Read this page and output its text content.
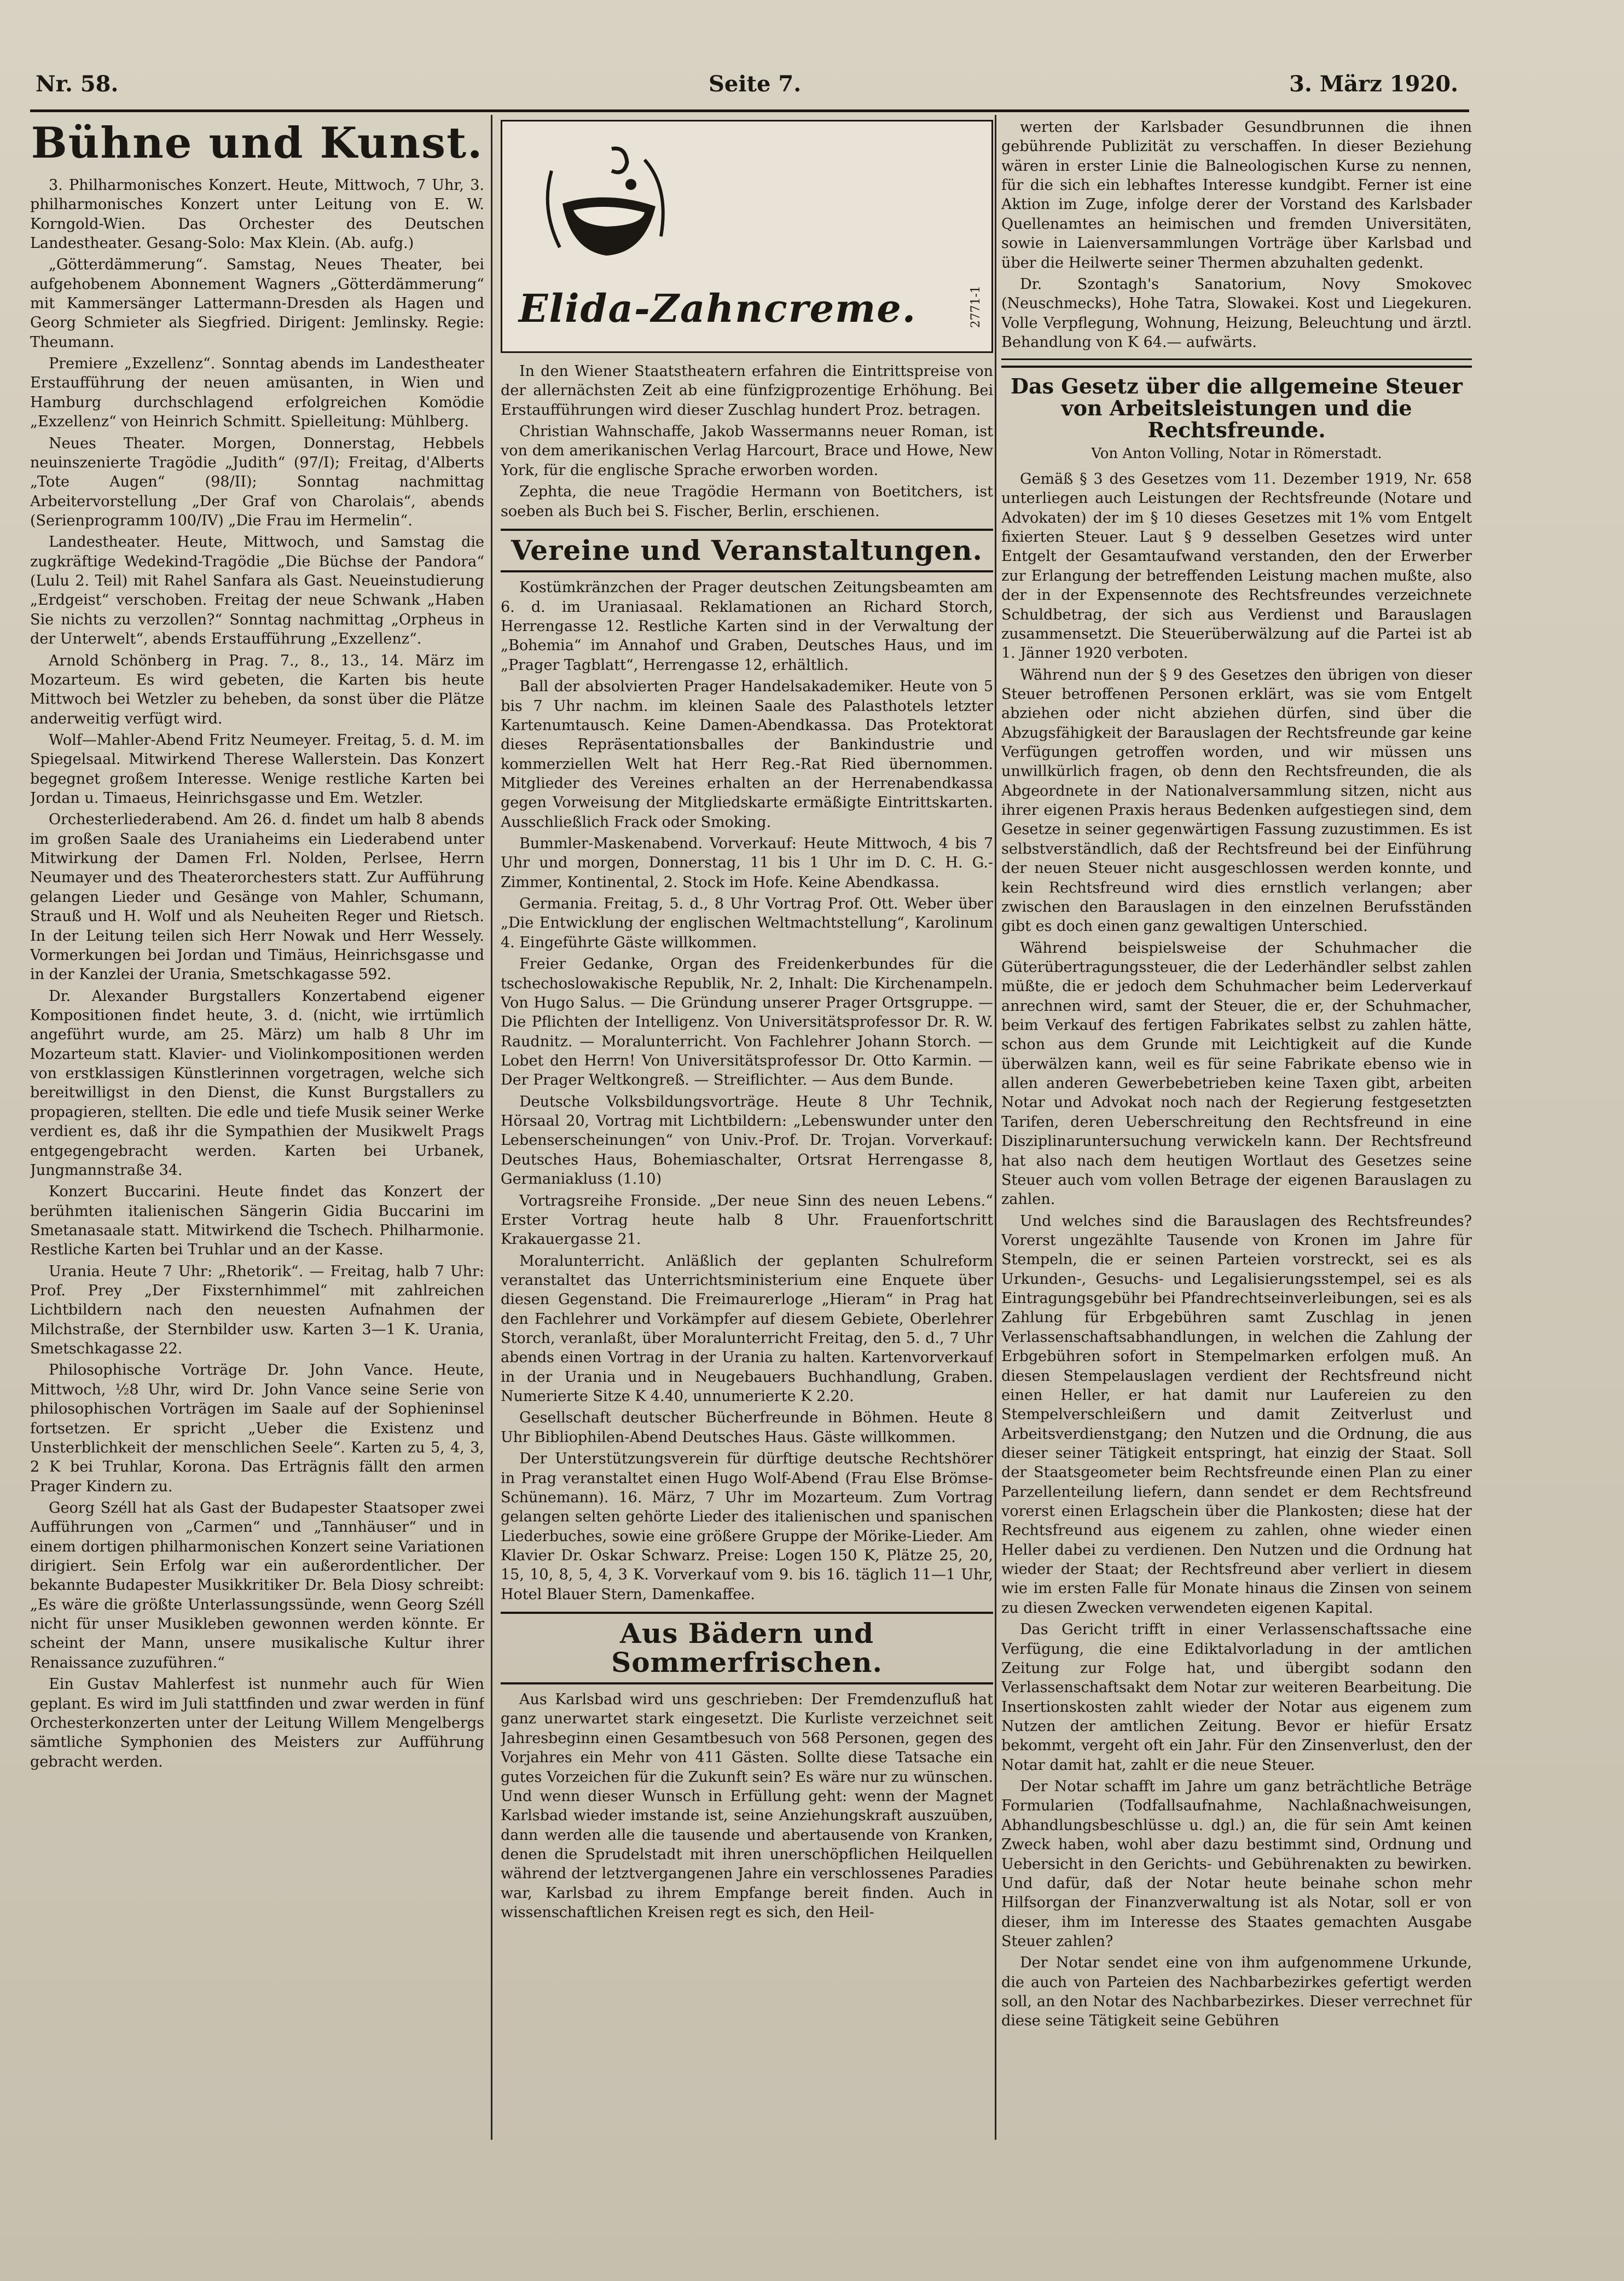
Nr. 58.	Seite 7.	3. März 1920.
Bühne und Kunst.

3. Philharmonisches Konzert. Heute, Mittwoch, 7 Uhr, 3. philharmonisches Konzert unter Leitung von E. W. Korngold-Wien. Das Orchester des Deutschen Landestheater. Gesang-Solo: Max Klein. (Ab. aufg.)

„Götterdämmerung“. Samstag, Neues Theater, bei aufgehobenem Abonnement Wagners „Götterdämmerung“ mit Kammersänger Lattermann-Dresden als Hagen und Georg Schmieter als Siegfried. Dirigent: Jemlinsky. Regie: Theumann.

Premiere „Exzellenz“. Sonntag abends im Landestheater Erstaufführung der neuen amüsanten, in Wien und Hamburg durchschlagend erfolgreichen Komödie „Exzellenz“ von Heinrich Schmitt. Spielleitung: Mühlberg.

Neues Theater. Morgen, Donnerstag, Hebbels neuinszenierte Tragödie „Judith“ (97/I); Freitag, d'Alberts „Tote Augen“ (98/II); Sonntag nachmittag Arbeitervorstellung „Der Graf von Charolais“, abends (Serienprogramm 100/IV) „Die Frau im Hermelin“.

Landestheater. Heute, Mittwoch, und Samstag die zugkräftige Wedekind-Tragödie „Die Büchse der Pandora“ (Lulu 2. Teil) mit Rahel Sanfara als Gast. Neueinstudierung „Erdgeist“ verschoben. Freitag der neue Schwank „Haben Sie nichts zu verzollen?“ Sonntag nachmittag „Orpheus in der Unterwelt“, abends Erstaufführung „Exzellenz“.

Arnold Schönberg in Prag. 7., 8., 13., 14. März im Mozarteum. Es wird gebeten, die Karten bis heute Mittwoch bei Wetzler zu beheben, da sonst über die Plätze anderweitig verfügt wird.

Wolf—Mahler-Abend Fritz Neumeyer. Freitag, 5. d. M. im Spiegelsaal. Mitwirkend Therese Wallerstein. Das Konzert begegnet großem Interesse. Wenige restliche Karten bei Jordan u. Timaeus, Heinrichsgasse und Em. Wetzler.

Orchesterliederabend. Am 26. d. findet um halb 8 abends im großen Saale des Uraniaheims ein Liederabend unter Mitwirkung der Damen Frl. Nolden, Perlsee, Herrn Neumayer und des Theaterorchesters statt. Zur Aufführung gelangen Lieder und Gesänge von Mahler, Schumann, Strauß und H. Wolf und als Neuheiten Reger und Rietsch. In der Leitung teilen sich Herr Nowak und Herr Wessely. Vormerkungen bei Jordan und Timäus, Heinrichsgasse und in der Kanzlei der Urania, Smetschkagasse 592.

Dr. Alexander Burgstallers Konzertabend eigener Kompositionen findet heute, 3. d. (nicht, wie irrtümlich angeführt wurde, am 25. März) um halb 8 Uhr im Mozarteum statt. Klavier- und Violinkompositionen werden von erstklassigen Künstlerinnen vorgetragen, welche sich bereitwilligst in den Dienst, die Kunst Burgstallers zu propagieren, stellten. Die edle und tiefe Musik seiner Werke verdient es, daß ihr die Sympathien der Musikwelt Prags entgegengebracht werden. Karten bei Urbanek, Jungmannstraße 34.

Konzert Buccarini. Heute findet das Konzert der berühmten italienischen Sängerin Gidia Buccarini im Smetanasaale statt. Mitwirkend die Tschech. Philharmonie. Restliche Karten bei Truhlar und an der Kasse.

Urania. Heute 7 Uhr: „Rhetorik“. — Freitag, halb 7 Uhr: Prof. Prey „Der Fixsternhimmel“ mit zahlreichen Lichtbildern nach den neuesten Aufnahmen der Milchstraße, der Sternbilder usw. Karten 3—1 K. Urania, Smetschkagasse 22.

Philosophische Vorträge Dr. John Vance. Heute, Mittwoch, ½8 Uhr, wird Dr. John Vance seine Serie von philosophischen Vorträgen im Saale auf der Sophieninsel fortsetzen. Er spricht „Ueber die Existenz und Unsterblichkeit der menschlichen Seele“. Karten zu 5, 4, 3, 2 K bei Truhlar, Korona. Das Erträgnis fällt den armen Prager Kindern zu.

Georg Széll hat als Gast der Budapester Staatsoper zwei Aufführungen von „Carmen“ und „Tannhäuser“ und in einem dortigen philharmonischen Konzert seine Variationen dirigiert. Sein Erfolg war ein außerordentlicher. Der bekannte Budapester Musikkritiker Dr. Bela Diosy schreibt: „Es wäre die größte Unterlassungssünde, wenn Georg Széll nicht für unser Musikleben gewonnen werden könnte. Er scheint der Mann, unsere musikalische Kultur ihrer Renaissance zuzuführen.“

Ein Gustav Mahlerfest ist nunmehr auch für Wien geplant. Es wird im Juli stattfinden und zwar werden in fünf Orchesterkonzerten unter der Leitung Willem Mengelbergs sämtliche Symphonien des Meisters zur Aufführung gebracht werden.

Elida-Zahncreme.	2771-1

In den Wiener Staatstheatern erfahren die Eintrittspreise von der allernächsten Zeit ab eine fünfzigprozentige Erhöhung. Bei Erstaufführungen wird dieser Zuschlag hundert Proz. betragen.

Christian Wahnschaffe, Jakob Wassermanns neuer Roman, ist von dem amerikanischen Verlag Harcourt, Brace und Howe, New York, für die englische Sprache erworben worden.

Zephta, die neue Tragödie Hermann von Boetitchers, ist soeben als Buch bei S. Fischer, Berlin, erschienen.

Vereine und Veranstaltungen.

Kostümkränzchen der Prager deutschen Zeitungsbeamten am 6. d. im Uraniasaal. Reklamationen an Richard Storch, Herrengasse 12. Restliche Karten sind in der Verwaltung der „Bohemia“ im Annahof und Graben, Deutsches Haus, und im „Prager Tagblatt“, Herrengasse 12, erhältlich.

Ball der absolvierten Prager Handelsakademiker. Heute von 5 bis 7 Uhr nachm. im kleinen Saale des Palasthotels letzter Kartenumtausch. Keine Damen-Abendkassa. Das Protektorat dieses Repräsentationsballes der Bankindustrie und kommerziellen Welt hat Herr Reg.-Rat Ried übernommen. Mitglieder des Vereines erhalten an der Herrenabendkassa gegen Vorweisung der Mitgliedskarte ermäßigte Eintrittskarten. Ausschließlich Frack oder Smoking.

Bummler-Maskenabend. Vorverkauf: Heute Mittwoch, 4 bis 7 Uhr und morgen, Donnerstag, 11 bis 1 Uhr im D. C. H. G.-Zimmer, Kontinental, 2. Stock im Hofe. Keine Abendkassa.

Germania. Freitag, 5. d., 8 Uhr Vortrag Prof. Ott. Weber über „Die Entwicklung der englischen Weltmachtstellung“, Karolinum 4. Eingeführte Gäste willkommen.

Freier Gedanke, Organ des Freidenkerbundes für die tschechoslowakische Republik, Nr. 2, Inhalt: Die Kirchenampeln. Von Hugo Salus. — Die Gründung unserer Prager Ortsgruppe. — Die Pflichten der Intelligenz. Von Universitätsprofessor Dr. R. W. Raudnitz. — Moralunterricht. Von Fachlehrer Johann Storch. — Lobet den Herrn! Von Universitätsprofessor Dr. Otto Karmin. — Der Prager Weltkongreß. — Streiflichter. — Aus dem Bunde.

Deutsche Volksbildungsvorträge. Heute 8 Uhr Technik, Hörsaal 20, Vortrag mit Lichtbildern: „Lebenswunder unter den Lebenserscheinungen“ von Univ.-Prof. Dr. Trojan. Vorverkauf: Deutsches Haus, Bohemiaschalter, Ortsrat Herrengasse 8, Germaniakluss (1.10)

Vortragsreihe Fronside. „Der neue Sinn des neuen Lebens.“ Erster Vortrag heute halb 8 Uhr. Frauenfortschritt Krakauergasse 21.

Moralunterricht. Anläßlich der geplanten Schulreform veranstaltet das Unterrichtsministerium eine Enquete über diesen Gegenstand. Die Freimaurerloge „Hieram“ in Prag hat den Fachlehrer und Vorkämpfer auf diesem Gebiete, Oberlehrer Storch, veranlaßt, über Moralunterricht Freitag, den 5. d., 7 Uhr abends einen Vortrag in der Urania zu halten. Kartenvorverkauf in der Urania und in Neugebauers Buchhandlung, Graben. Numerierte Sitze K 4.40, unnumerierte K 2.20.

Gesellschaft deutscher Bücherfreunde in Böhmen. Heute 8 Uhr Bibliophilen-Abend Deutsches Haus. Gäste willkommen.

Der Unterstützungsverein für dürftige deutsche Rechtshörer in Prag veranstaltet einen Hugo Wolf-Abend (Frau Else Brömse-Schünemann). 16. März, 7 Uhr im Mozarteum. Zum Vortrag gelangen selten gehörte Lieder des italienischen und spanischen Liederbuches, sowie eine größere Gruppe der Mörike-Lieder. Am Klavier Dr. Oskar Schwarz. Preise: Logen 150 K, Plätze 25, 20, 15, 10, 8, 5, 4, 3 K. Vorverkauf vom 9. bis 16. täglich 11—1 Uhr, Hotel Blauer Stern, Damenkaffee.

Aus Bädern und Sommerfrischen.

Aus Karlsbad wird uns geschrieben: Der Fremdenzufluß hat ganz unerwartet stark eingesetzt. Die Kurliste verzeichnet seit Jahresbeginn einen Gesamtbesuch von 568 Personen, gegen des Vorjahres ein Mehr von 411 Gästen. Sollte diese Tatsache ein gutes Vorzeichen für die Zukunft sein? Es wäre nur zu wünschen. Und wenn dieser Wunsch in Erfüllung geht: wenn der Magnet Karlsbad wieder imstande ist, seine Anziehungskraft auszuüben, dann werden alle die tausende und abertausende von Kranken, denen die Sprudelstadt mit ihren unerschöpflichen Heilquellen während der letztvergangenen Jahre ein verschlossenes Paradies war, Karlsbad zu ihrem Empfange bereit finden. Auch in wissenschaftlichen Kreisen regt es sich, den Heil-

werten der Karlsbader Gesundbrunnen die ihnen gebührende Publizität zu verschaffen. In dieser Beziehung wären in erster Linie die Balneologischen Kurse zu nennen, für die sich ein lebhaftes Interesse kundgibt. Ferner ist eine Aktion im Zuge, infolge derer der Vorstand des Karlsbader Quellenamtes an heimischen und fremden Universitäten, sowie in Laienversammlungen Vorträge über Karlsbad und über die Heilwerte seiner Thermen abzuhalten gedenkt.

Dr. Szontagh's Sanatorium, Novy Smokovec (Neuschmecks), Hohe Tatra, Slowakei. Kost und Liegekuren. Volle Verpflegung, Wohnung, Heizung, Beleuchtung und ärztl. Behandlung von K 64.— aufwärts.

Das Gesetz über die allgemeine Steuer von Arbeitsleistungen und die Rechtsfreunde.
Von Anton Volling, Notar in Römerstadt.

Gemäß § 3 des Gesetzes vom 11. Dezember 1919, Nr. 658 unterliegen auch Leistungen der Rechtsfreunde (Notare und Advokaten) der im § 10 dieses Gesetzes mit 1% vom Entgelt fixierten Steuer. Laut § 9 desselben Gesetzes wird unter Entgelt der Gesamtaufwand verstanden, den der Erwerber zur Erlangung der betreffenden Leistung machen mußte, also der in der Expensennote des Rechtsfreundes verzeichnete Schuldbetrag, der sich aus Verdienst und Barauslagen zusammensetzt. Die Steuerüberwälzung auf die Partei ist ab 1. Jänner 1920 verboten.

Während nun der § 9 des Gesetzes den übrigen von dieser Steuer betroffenen Personen erklärt, was sie vom Entgelt abziehen oder nicht abziehen dürfen, sind über die Abzugsfähigkeit der Barauslagen der Rechtsfreunde gar keine Verfügungen getroffen worden, und wir müssen uns unwillkürlich fragen, ob denn den Rechtsfreunden, die als Abgeordnete in der Nationalversammlung sitzen, nicht aus ihrer eigenen Praxis heraus Bedenken aufgestiegen sind, dem Gesetze in seiner gegenwärtigen Fassung zuzustimmen. Es ist selbstverständlich, daß der Rechtsfreund bei der Einführung der neuen Steuer nicht ausgeschlossen werden konnte, und kein Rechtsfreund wird dies ernstlich verlangen; aber zwischen den Barauslagen in den einzelnen Berufsständen gibt es doch einen ganz gewaltigen Unterschied.

Während beispielsweise der Schuhmacher die Güterübertragungssteuer, die der Lederhändler selbst zahlen müßte, die er jedoch dem Schuhmacher beim Lederverkauf anrechnen wird, samt der Steuer, die er, der Schuhmacher, beim Verkauf des fertigen Fabrikates selbst zu zahlen hätte, schon aus dem Grunde mit Leichtigkeit auf die Kunde überwälzen kann, weil es für seine Fabrikate ebenso wie in allen anderen Gewerbebetrieben keine Taxen gibt, arbeiten Notar und Advokat noch nach der Regierung festgesetzten Tarifen, deren Ueberschreitung den Rechtsfreund in eine Disziplinaruntersuchung verwickeln kann. Der Rechtsfreund hat also nach dem heutigen Wortlaut des Gesetzes seine Steuer auch vom vollen Betrage der eigenen Barauslagen zu zahlen.

Und welches sind die Barauslagen des Rechtsfreundes? Vorerst ungezählte Tausende von Kronen im Jahre für Stempeln, die er seinen Parteien vorstreckt, sei es als Urkunden-, Gesuchs- und Legalisierungsstempel, sei es als Eintragungsgebühr bei Pfandrechtseinverleibungen, sei es als Zahlung für Erbgebühren samt Zuschlag in jenen Verlassenschaftsabhandlungen, in welchen die Zahlung der Erbgebühren sofort in Stempelmarken erfolgen muß. An diesen Stempelauslagen verdient der Rechtsfreund nicht einen Heller, er hat damit nur Laufereien zu den Stempelverschleißern und damit Zeitverlust und Arbeitsverdienstgang; den Nutzen und die Ordnung, die aus dieser seiner Tätigkeit entspringt, hat einzig der Staat. Soll der Staatsgeometer beim Rechtsfreunde einen Plan zu einer Parzellenteilung liefern, dann sendet er dem Rechtsfreund vorerst einen Erlagschein über die Plankosten; diese hat der Rechtsfreund aus eigenem zu zahlen, ohne wieder einen Heller dabei zu verdienen. Den Nutzen und die Ordnung hat wieder der Staat; der Rechtsfreund aber verliert in diesem wie im ersten Falle für Monate hinaus die Zinsen von seinem zu diesen Zwecken verwendeten eigenen Kapital.

Das Gericht trifft in einer Verlassenschaftssache eine Verfügung, die eine Ediktalvorladung in der amtlichen Zeitung zur Folge hat, und übergibt sodann den Verlassenschaftsakt dem Notar zur weiteren Bearbeitung. Die Insertionskosten zahlt wieder der Notar aus eigenem zum Nutzen der amtlichen Zeitung. Bevor er hiefür Ersatz bekommt, vergeht oft ein Jahr. Für den Zinsenverlust, den der Notar damit hat, zahlt er die neue Steuer.

Der Notar schafft im Jahre um ganz beträchtliche Beträge Formularien (Todfallsaufnahme, Nachlaßnachweisungen, Abhandlungsbeschlüsse u. dgl.) an, die für sein Amt keinen Zweck haben, wohl aber dazu bestimmt sind, Ordnung und Uebersicht in den Gerichts- und Gebührenakten zu bewirken. Und dafür, daß der Notar heute beinahe schon mehr Hilfsorgan der Finanzverwaltung ist als Notar, soll er von dieser, ihm im Interesse des Staates gemachten Ausgabe Steuer zahlen?

Der Notar sendet eine von ihm aufgenommene Urkunde, die auch von Parteien des Nachbarbezirkes gefertigt werden soll, an den Notar des Nachbarbezirkes. Dieser verrechnet für diese seine Tätigkeit seine Gebühren
